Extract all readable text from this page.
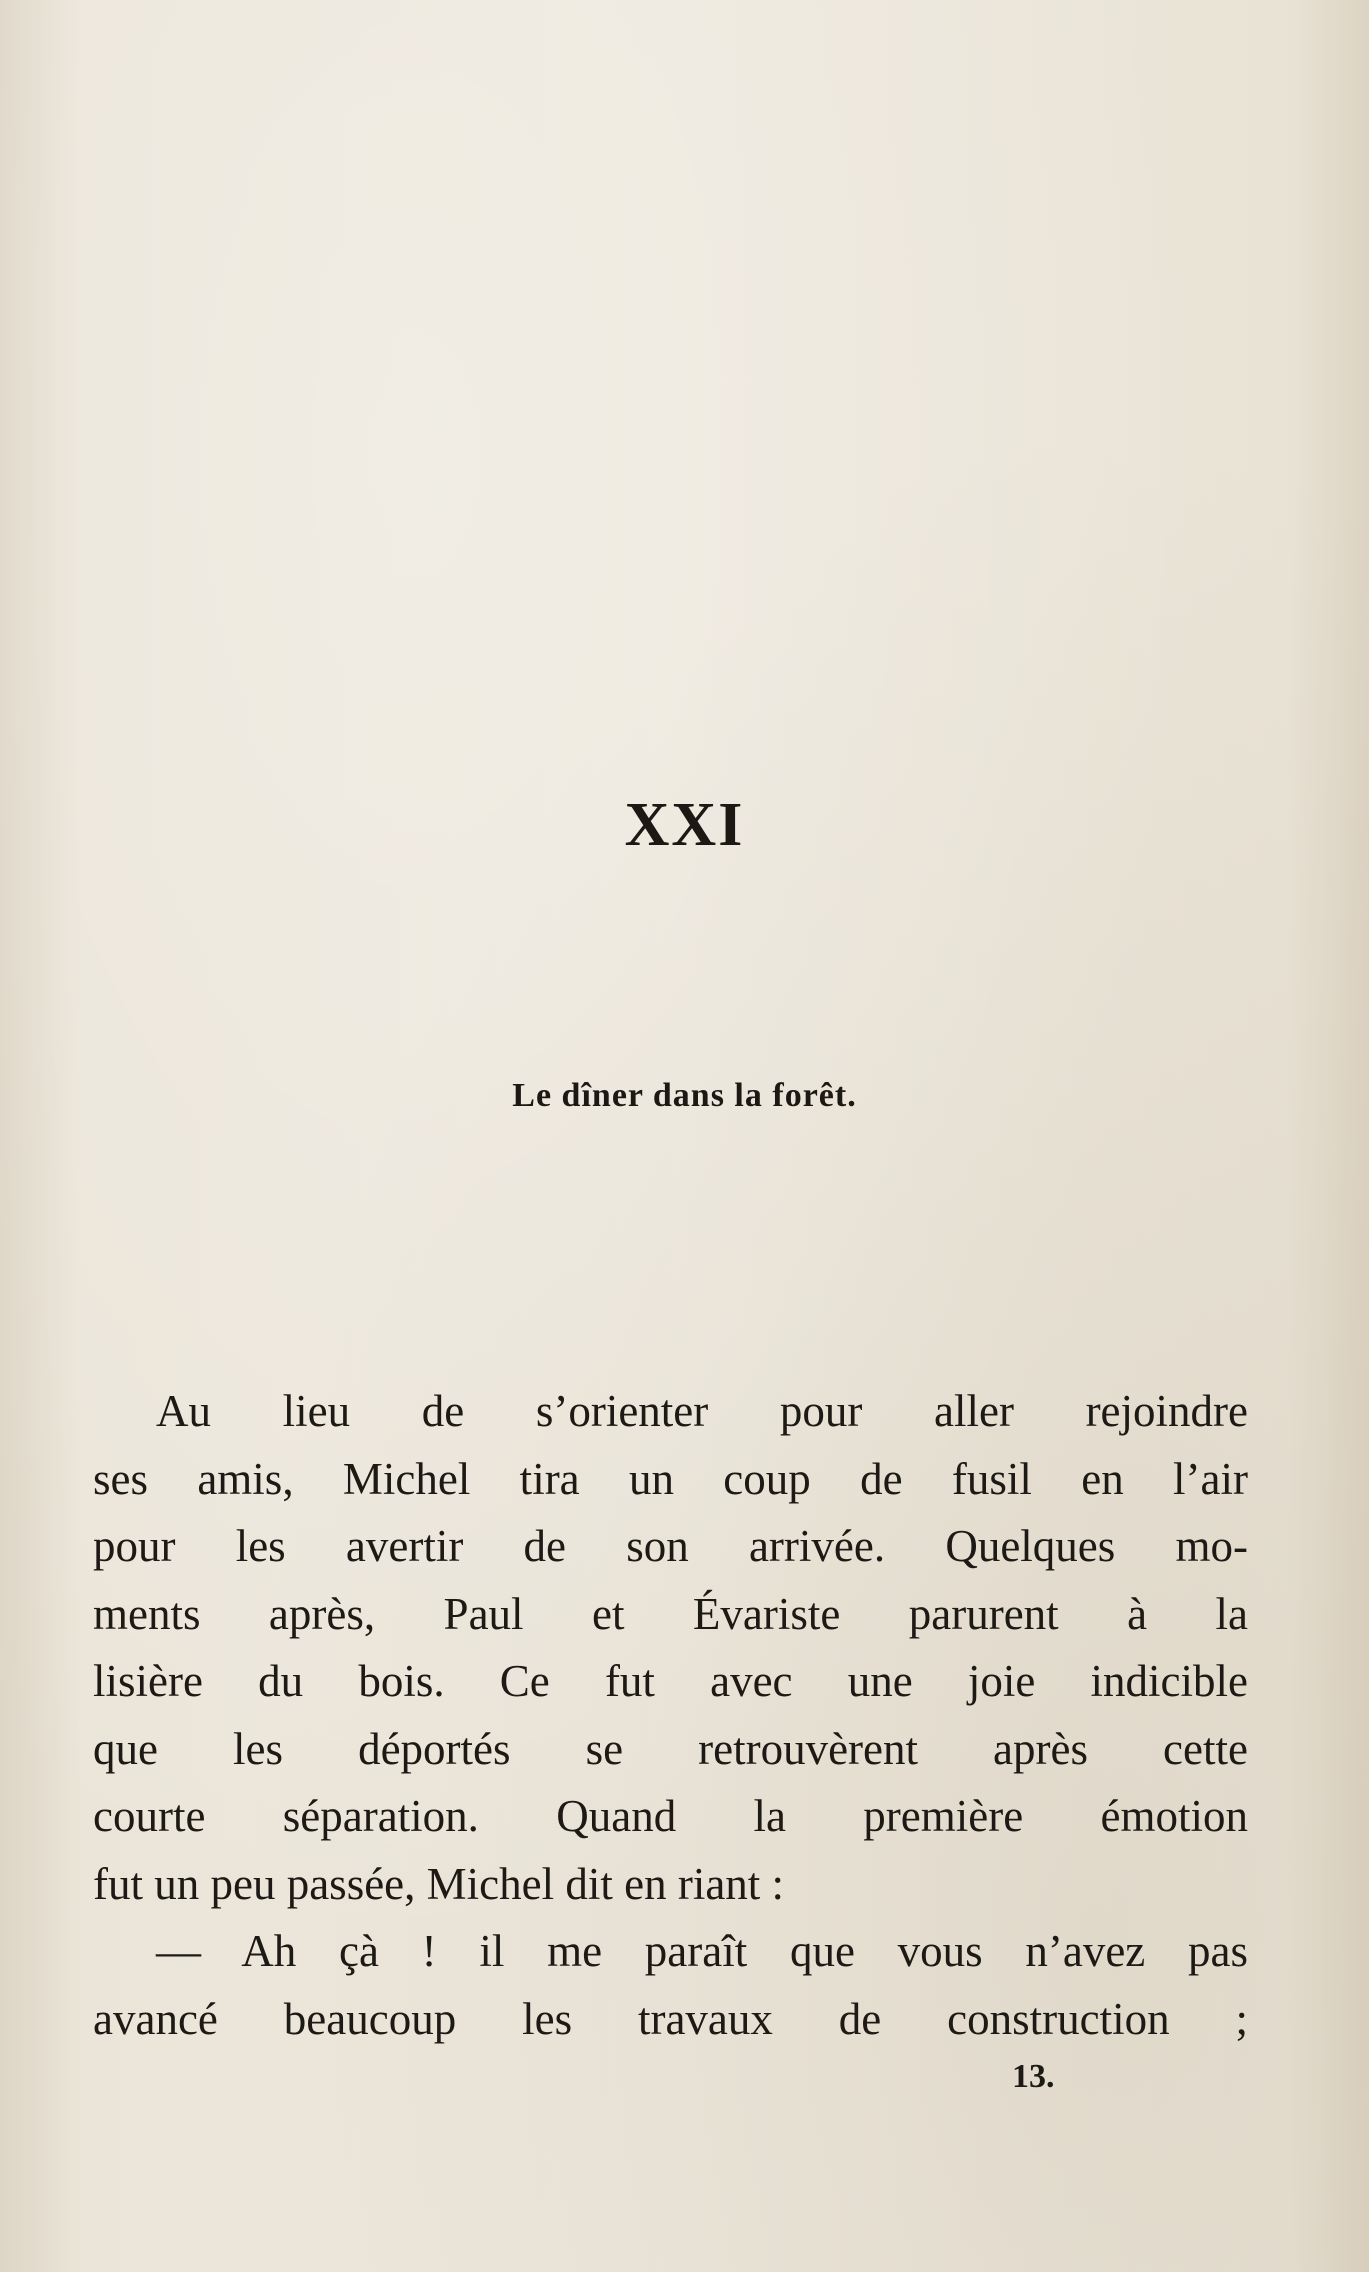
XXI
Le dîner dans la forêt.
Au lieu de s’orienter pour aller rejoindre
ses amis, Michel tira un coup de fusil en l’air
pour les avertir de son arrivée. Quelques mo-
ments après, Paul et Évariste parurent à la
lisière du bois. Ce fut avec une joie indicible
que les déportés se retrouvèrent après cette
courte séparation. Quand la première émotion
fut un peu passée, Michel dit en riant :
— Ah çà ! il me paraît que vous n’avez pas
avancé beaucoup les travaux de construction ;
13.
